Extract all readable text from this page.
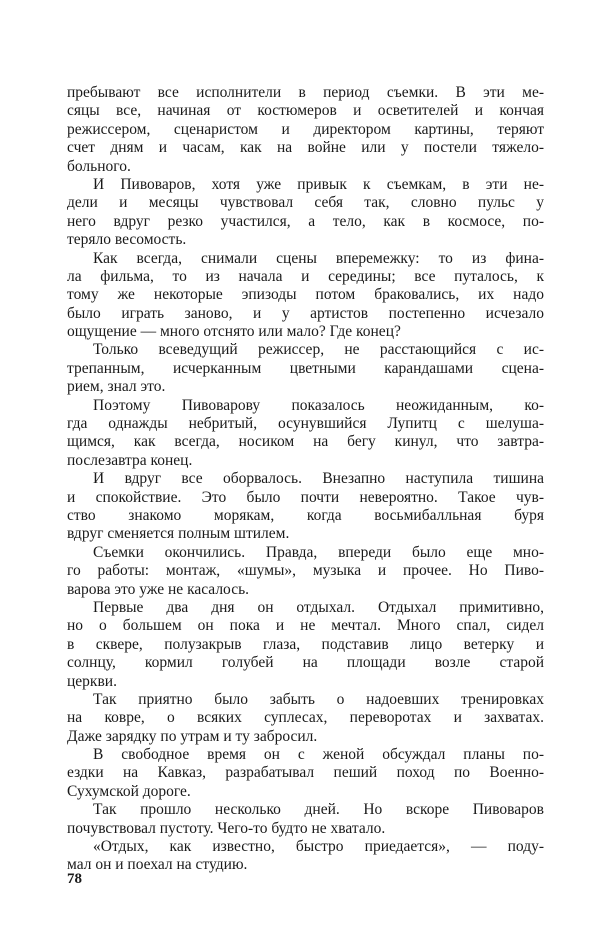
пребывают все исполнители в период съемки. В эти ме-
сяцы все, начиная от костюмеров и осветителей и кончая
режиссером, сценаристом и директором картины, теряют
счет дням и часам, как на войне или у постели тяжело-
больного.
И Пивоваров, хотя уже привык к съемкам, в эти не-
дели и месяцы чувствовал себя так, словно пульс у
него вдруг резко участился, а тело, как в космосе, по-
теряло весомость.
Как всегда, снимали сцены вперемежку: то из фина-
ла фильма, то из начала и середины; все путалось, к
тому же некоторые эпизоды потом браковались, их надо
было играть заново, и у артистов постепенно исчезало
ощущение — много отснято или мало? Где конец?
Только всеведущий режиссер, не расстающийся с ис-
трепанным, исчерканным цветными карандашами сцена-
рием, знал это.
Поэтому Пивоварову показалось неожиданным, ко-
гда однажды небритый, осунувшийся Лупитц с шелуша-
щимся, как всегда, носиком на бегу кинул, что завтра-
послезавтра конец.
И вдруг все оборвалось. Внезапно наступила тишина
и спокойствие. Это было почти невероятно. Такое чув-
ство знакомо морякам, когда восьмибалльная буря
вдруг сменяется полным штилем.
Съемки окончились. Правда, впереди было еще мно-
го работы: монтаж, «шумы», музыка и прочее. Но Пиво-
варова это уже не касалось.
Первые два дня он отдыхал. Отдыхал примитивно,
но о большем он пока и не мечтал. Много спал, сидел
в сквере, полузакрыв глаза, подставив лицо ветерку и
солнцу, кормил голубей на площади возле старой
церкви.
Так приятно было забыть о надоевших тренировках
на ковре, о всяких суплесах, переворотах и захватах.
Даже зарядку по утрам и ту забросил.
В свободное время он с женой обсуждал планы по-
ездки на Кавказ, разрабатывал пеший поход по Военно-
Сухумской дороге.
Так прошло несколько дней. Но вскоре Пивоваров
почувствовал пустоту. Чего-то будто не хватало.
«Отдых, как известно, быстро приедается», — поду-
мал он и поехал на студию.
78
